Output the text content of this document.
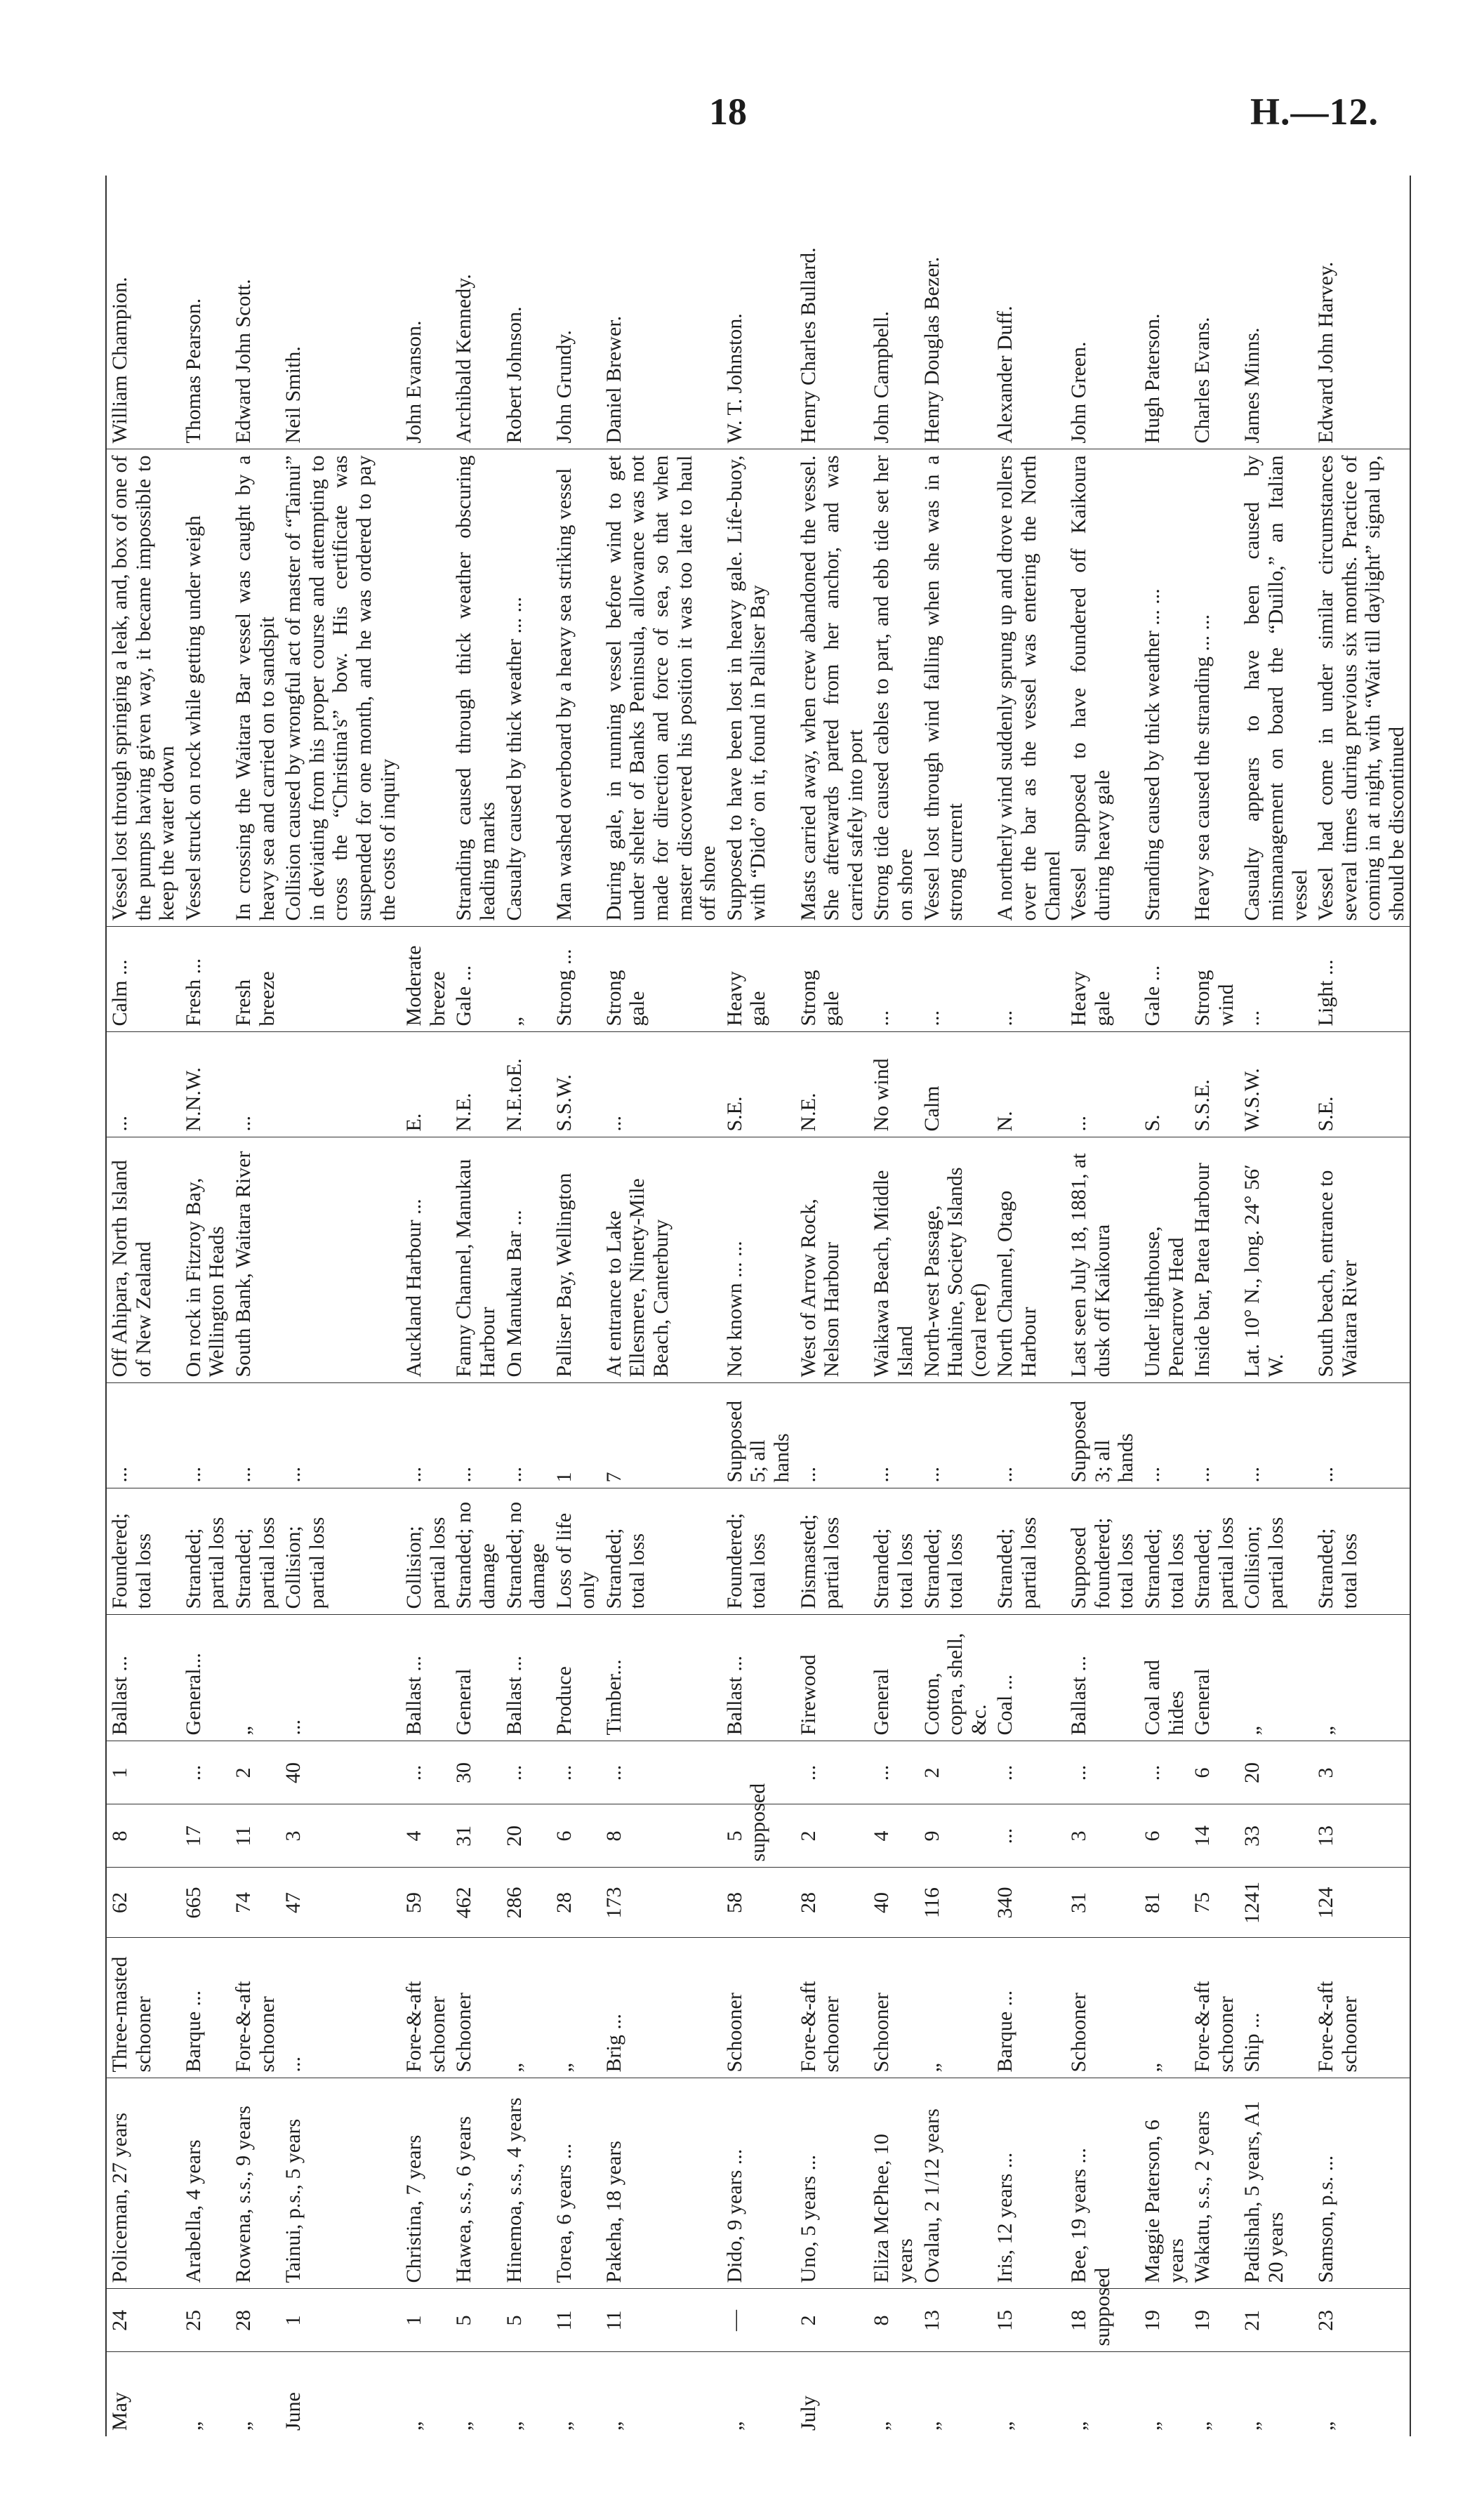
18	H.—12.
May	24	Policeman, 27 years	Three-masted schooner	62	8	1	Ballast ...	Foundered; total loss	...	Off Ahipara, North Island of New Zealand	...	Calm ...	Vessel lost through springing a leak, and, box of one of the pumps having given way, it became impossible to keep the water down	William Champion.
„	25	Arabella, 4 years	Barque ...	665	17	...	General...	Stranded; partial loss	...	On rock in Fitzroy Bay, Wellington Heads	N.N.W.	Fresh ...	Vessel struck on rock while getting under weigh	Thomas Pearson.
„	28	Rowena, s.s., 9 years	Fore-&-aft schooner	74	11	2	„	Stranded; partial loss	...	South Bank, Waitara River	...	Fresh breeze	In crossing the Waitara Bar vessel was caught by a heavy sea and carried on to sandspit	Edward John Scott.
June	1	Tainui, p.s., 5 years	...	47	3	40	...	Collision; partial loss	...				Collision caused by wrongful act of master of “Tainui” in deviating from his proper course and attempting to cross the “Christina's” bow. His certificate was suspended for one month, and he was ordered to pay the costs of inquiry	Neil Smith.
„	1	Christina, 7 years	Fore-&-aft schooner	59	4	...	Ballast ...	Collision; partial loss	...	Auckland Harbour ...	E.	Moderate breeze		John Evanson.
„	5	Hawea, s.s., 6 years	Schooner	462	31	30	General	Stranded; no damage	...	Fanny Channel, Manukau Harbour	N.E.	Gale ...	Stranding caused through thick weather obscuring leading marks	Archibald Kennedy.
„	5	Hinemoa, s.s., 4 years	„	286	20	...	Ballast ...	Stranded; no damage	...	On Manukau Bar ...	N.E.toE.	„	Casualty caused by thick weather ... ...	Robert Johnson.
„	11	Torea, 6 years ...	„	28	6	...	Produce	Loss of life only	1	Palliser Bay, Wellington	S.S.W.	Strong ...	Man washed overboard by a heavy sea striking vessel	John Grundy.
„	11	Pakeha, 18 years	Brig ...	173	8	...	Timber...	Stranded; total loss	7	At entrance to Lake Ellesmere, Ninety-Mile Beach, Canterbury	...	Strong gale	During gale, in running vessel before wind to get under shelter of Banks Peninsula, allowance was not made for direction and force of sea, so that when master discovered his position it was too late to haul off shore	Daniel Brewer.
„	—	Dido, 9 years ...	Schooner	58	5 supposed		Ballast ...	Foundered; total loss	Supposed 5; all hands	Not known ... ...	S.E.	Heavy gale	Supposed to have been lost in heavy gale. Life-buoy, with “Dido” on it, found in Palliser Bay	W. T. Johnston.
July	2	Uno, 5 years ...	Fore-&-aft schooner	28	2	...	Firewood	Dismasted; partial loss	...	West of Arrow Rock, Nelson Harbour	N.E.	Strong gale	Masts carried away, when crew abandoned the vessel. She afterwards parted from her anchor, and was carried safely into port	Henry Charles Bullard.
„	8	Eliza McPhee, 10 years	Schooner	40	4	...	General	Stranded; total loss	...	Waikawa Beach, Middle Island	No wind	...	Strong tide caused cables to part, and ebb tide set her on shore	John Campbell.
„	13	Ovalau, 2 1/12 years	„	116	9	2	Cotton, copra, shell, &c.	Stranded; total loss	...	North-west Passage, Huahine, Society Islands (coral reef)	Calm	...	Vessel lost through wind falling when she was in a strong current	Henry Douglas Bezer.
„	15	Iris, 12 years ...	Barque ...	340	...	...	Coal ...	Stranded; partial loss	...	North Channel, Otago Harbour	N.	...	A northerly wind suddenly sprung up and drove rollers over the bar as the vessel was entering the North Channel	Alexander Duff.
„	18 supposed	Bee, 19 years ...	Schooner	31	3	...	Ballast ...	Supposed foundered; total loss	Supposed 3; all hands	Last seen July 18, 1881, at dusk off Kaikoura	...	Heavy gale	Vessel supposed to have foundered off Kaikoura during heavy gale	John Green.
„	19	Maggie Paterson, 6 years	„	81	6	...	Coal and hides	Stranded; total loss	...	Under lighthouse, Pencarrow Head	S.	Gale ...	Stranding caused by thick weather ... ...	Hugh Paterson.
„	19	Wakatu, s.s., 2 years	Fore-&-aft schooner	75	14	6	General	Stranded; partial loss	...	Inside bar, Patea Harbour	S.S.E.	Strong wind	Heavy sea caused the stranding ... ...	Charles Evans.
„	21	Padishah, 5 years, A1 20 years	Ship ...	1241	33	20	„	Collision; partial loss	...	Lat. 10° N., long. 24° 56′ W.	W.S.W.	...	Casualty appears to have been caused by mismanagement on board the “Duillo,” an Italian vessel	James Minns.
„	23	Samson, p.s. ...	Fore-&-aft schooner	124	13	3	„	Stranded; total loss	...	South beach, entrance to Waitara River	S.E.	Light ...	Vessel had come in under similar circumstances several times during previous six months. Practice of coming in at night, with “Wait till daylight” signal up, should be discontinued	Edward John Harvey.
